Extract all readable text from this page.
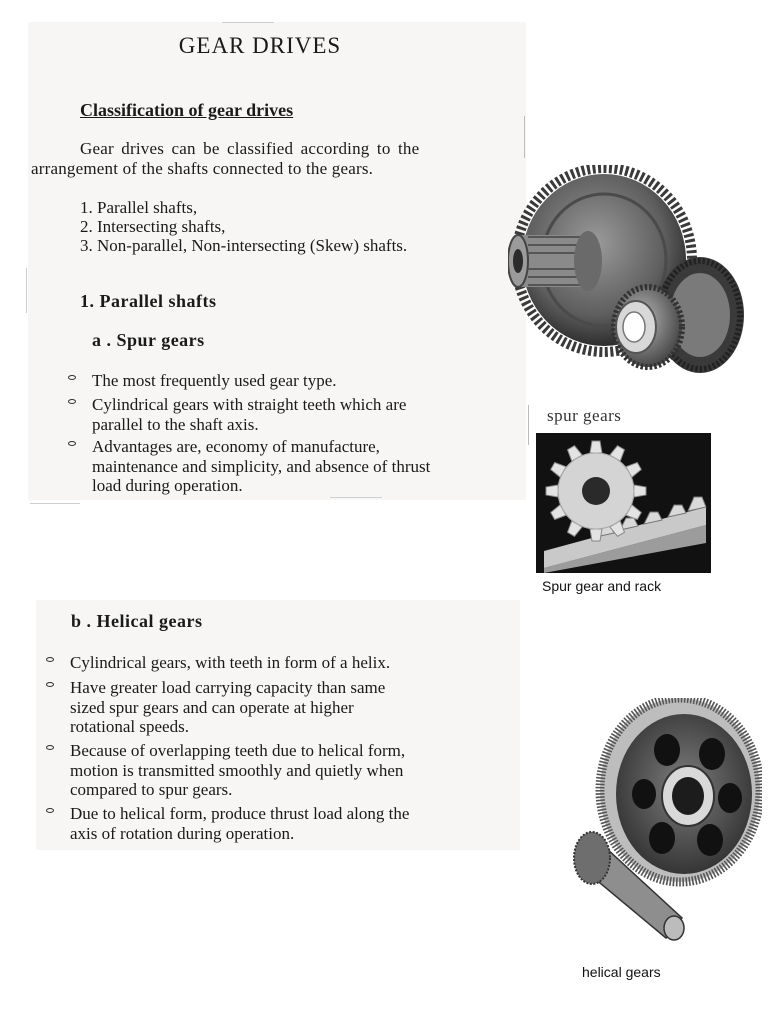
GEAR DRIVES
Classification of gear drives
Gear drives can be classified according to the
arrangement of the shafts connected to the gears.
1. Parallel shafts,
2. Intersecting shafts,
3. Non-parallel, Non-intersecting (Skew) shafts.
1. Parallel shafts
a . Spur gears
The most frequently used gear type.
Cylindrical gears with straight teeth which are
parallel to the shaft axis.
Advantages are, economy of manufacture,
maintenance and simplicity, and absence of thrust
load during operation.
b . Helical gears
Cylindrical gears, with teeth in form of a helix.
Have greater load carrying capacity than same
sized spur gears and can operate at higher
rotational speeds.
Because of overlapping teeth due to helical form,
motion is transmitted smoothly and quietly when
compared to spur gears.
Due to helical form, produce thrust load along the
axis of rotation during operation.
spur gears
Spur gear and rack
helical gears
